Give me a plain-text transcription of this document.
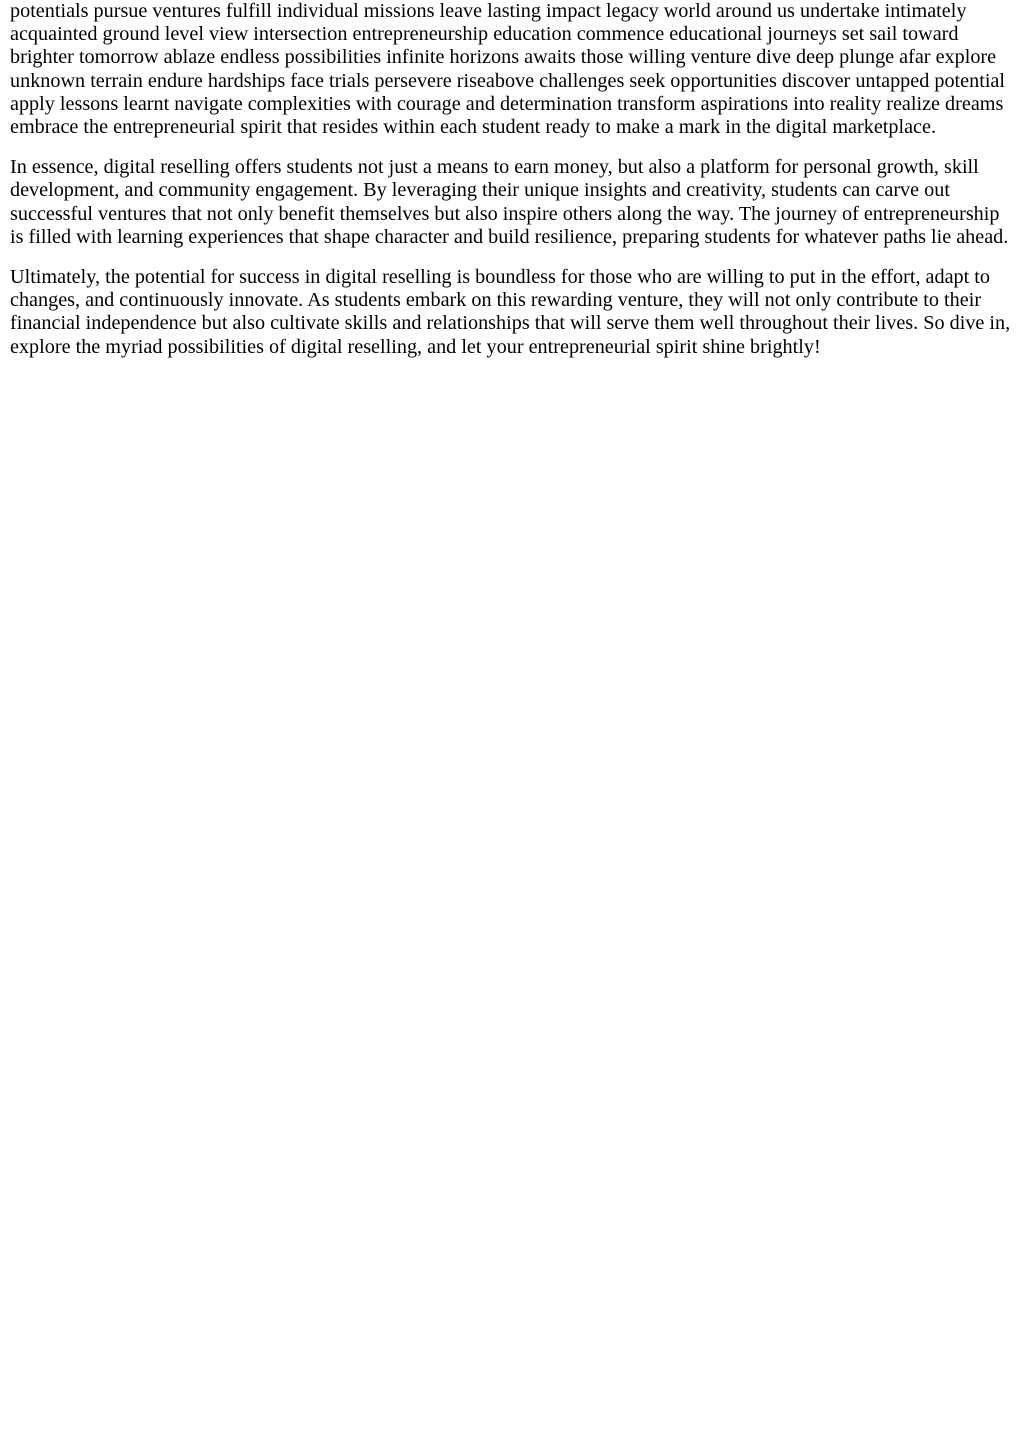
potentials pursue ventures fulfill individual missions leave lasting impact legacy world around us undertake intimately acquainted ground level view intersection entrepreneurship education commence educational journeys set sail toward brighter tomorrow ablaze endless possibilities infinite horizons awaits those willing venture dive deep plunge afar explore unknown terrain endure hardships face trials persevere riseabove challenges seek opportunities discover untapped potential apply lessons learnt navigate complexities with courage and determination transform aspirations into reality realize dreams embrace the entrepreneurial spirit that resides within each student ready to make a mark in the digital marketplace.

In essence, digital reselling offers students not just a means to earn money, but also a platform for personal growth, skill development, and community engagement. By leveraging their unique insights and creativity, students can carve out successful ventures that not only benefit themselves but also inspire others along the way. The journey of entrepreneurship is filled with learning experiences that shape character and build resilience, preparing students for whatever paths lie ahead.

Ultimately, the potential for success in digital reselling is boundless for those who are willing to put in the effort, adapt to changes, and continuously innovate. As students embark on this rewarding venture, they will not only contribute to their financial independence but also cultivate skills and relationships that will serve them well throughout their lives. So dive in, explore the myriad possibilities of digital reselling, and let your entrepreneurial spirit shine brightly!
